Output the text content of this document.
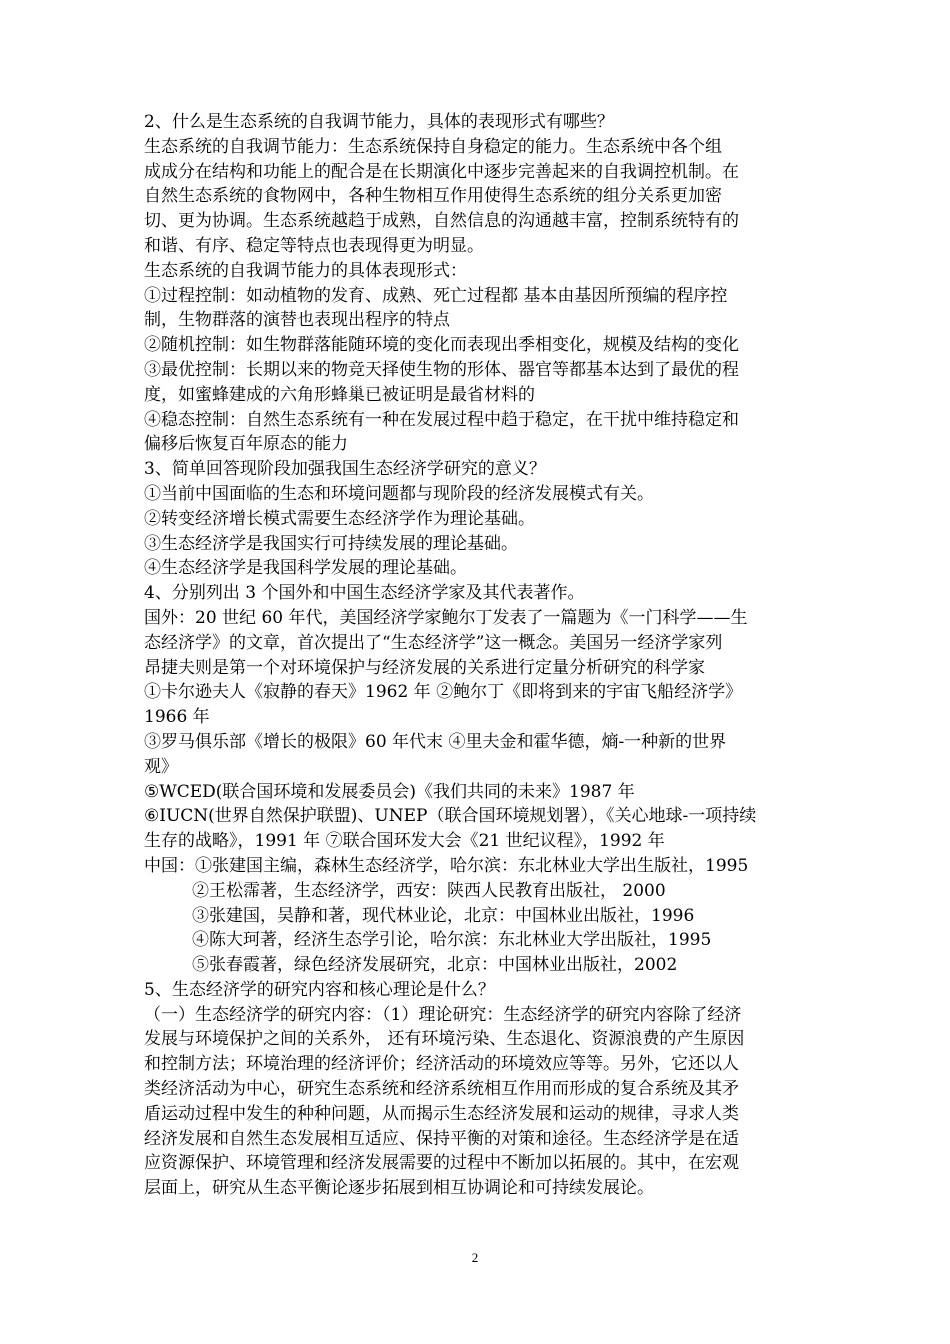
2、什么是生态系统的自我调节能力，具体的表现形式有哪些？

生态系统的自我调节能力：生态系统保持自身稳定的能力。生态系统中各个组

成成分在结构和功能上的配合是在长期演化中逐步完善起来的自我调控机制。在

自然生态系统的食物网中，各种生物相互作用使得生态系统的组分关系更加密

切、更为协调。生态系统越趋于成熟，自然信息的沟通越丰富，控制系统特有的

和谐、有序、稳定等特点也表现得更为明显。

生态系统的自我调节能力的具体表现形式：

①过程控制：如动植物的发育、成熟、死亡过程都 基本由基因所预编的程序控

制，生物群落的演替也表现出程序的特点

②随机控制：如生物群落能随环境的变化而表现出季相变化，规模及结构的变化

③最优控制：长期以来的物竞天择使生物的形体、器官等都基本达到了最优的程

度，如蜜蜂建成的六角形蜂巢已被证明是最省材料的

④稳态控制：自然生态系统有一种在发展过程中趋于稳定，在干扰中维持稳定和

偏移后恢复百年原态的能力

3、简单回答现阶段加强我国生态经济学研究的意义？

①当前中国面临的生态和环境问题都与现阶段的经济发展模式有关。

②转变经济增长模式需要生态经济学作为理论基础。

③生态经济学是我国实行可持续发展的理论基础。

④生态经济学是我国科学发展的理论基础。

4、分别列出 3 个国外和中国生态经济学家及其代表著作。

国外：20 世纪 60 年代，美国经济学家鲍尔丁发表了一篇题为《一门科学——生

态经济学》的文章，首次提出了“生态经济学”这一概念。美国另一经济学家列

昂捷夫则是第一个对环境保护与经济发展的关系进行定量分析研究的科学家

①卡尔逊夫人《寂静的春天》1962 年 ②鲍尔丁《即将到来的宇宙飞船经济学》

1966 年

③罗马俱乐部《增长的极限》60 年代末 ④里夫金和霍华德，熵-一种新的世界

观》

⑤WCED(联合国环境和发展委员会)《我们共同的未来》1987 年

⑥IUCN(世界自然保护联盟)、UNEP（联合国环境规划署），《关心地球-一项持续

生存的战略》，1991 年 ⑦联合国环发大会《21 世纪议程》，1992 年

中国：①张建国主编，森林生态经济学，哈尔滨：东北林业大学出生版社，1995

②王松霈著，生态经济学，西安：陕西人民教育出版社， 2000

③张建国，吴静和著，现代林业论，北京：中国林业出版社，1996

④陈大珂著，经济生态学引论，哈尔滨：东北林业大学出版社，1995

⑤张春霞著，绿色经济发展研究，北京：中国林业出版社，2002

5、生态经济学的研究内容和核心理论是什么？

（一）生态经济学的研究内容：（1）理论研究：生态经济学的研究内容除了经济

发展与环境保护之间的关系外， 还有环境污染、生态退化、资源浪费的产生原因

和控制方法；环境治理的经济评价；经济活动的环境效应等等。另外，它还以人

类经济活动为中心，研究生态系统和经济系统相互作用而形成的复合系统及其矛

盾运动过程中发生的种种问题，从而揭示生态经济发展和运动的规律，寻求人类

经济发展和自然生态发展相互适应、保持平衡的对策和途径。生态经济学是在适

应资源保护、环境管理和经济发展需要的过程中不断加以拓展的。其中，在宏观

层面上，研究从生态平衡论逐步拓展到相互协调论和可持续发展论。

2
